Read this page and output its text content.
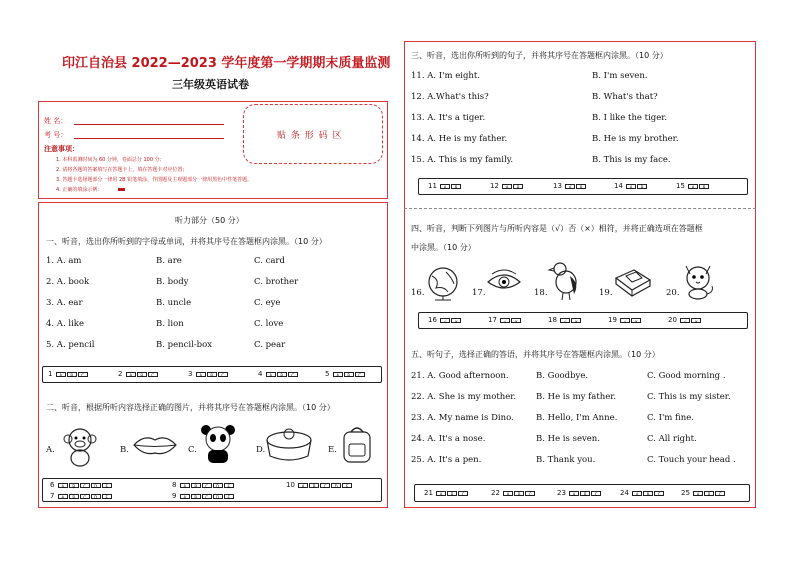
印江自治县 2022—2023 学年度第一学期期末质量监测
三年级英语试卷
姓 名：
考 号：
注意事项：
1. 本科监测时间为 60 分钟，卷面总分 100 分；
2. 请将各题的答案填写在答题卡上，填在答题卡对应位置；
3. 答题卡选择题部分一律用 2B 铅笔填涂，作图题及主观题部分一律用黑色中性笔答题。
4. 正确的填涂示例：
贴 条 形 码 区
听力部分（50 分）
一、听音，选出你所听到的字母或单词，并将其序号在答题框内涂黑。（10 分）
1. A. am	B. are	C. card
2. A. book	B. body	C. brother
3. A. ear	B. uncle	C. eye
4. A. like	B. lion	C. love
5. A. pencil	B. pencil-box	C. pear
1 A B C	2 A B C	3 A B C	4 A B C	5 A B C
二、听音，根据所听内容选择正确的图片，并将其序号在答题框内涂黑。（10 分）
A.	B.	C.	D.	E.
6 A B C D E	8 A B C D E	10 A B C D E
7 A B C D E	9 A B C D E
三、听音，选出你所听到的句子，并将其序号在答题框内涂黑。（10 分）
11. A. I'm eight.	B. I'm seven.
12. A.What's this?	B. What's that?
13. A. It's a tiger.	B. I like the tiger.
14. A. He is my father.	B. He is my brother.
15. A. This is my family.	B. This is my face.
11 A B	12 A B	13 A B	14 A B	15 A B
四、听音，判断下列图片与所听内容是（√）否（×）相符，并将正确选项在答题框
中涂黑。（10 分）
16.	17.	18.	19.	20.
16 √ ✕	17 √ ✕	18 √ ✕	19 √ ✕	20 √ ✕
五、听句子，选择正确的答语，并将其序号在答题框内涂黑。（10 分）
21. A. Good afternoon.	B. Goodbye.	C. Good morning .
22. A. She is my mother. B. He is my father.	C. This is my sister.
23. A. My name is Dino.	B. Hello, I'm Anne.	C. I'm fine.
24. A. It's a nose.	B. He is seven.	C. All right.
25. A. It's a pen.	B. Thank you.	C. Touch your head .
21 A B C	22 A B C	23 A B C	24 A B C	25 A B C
